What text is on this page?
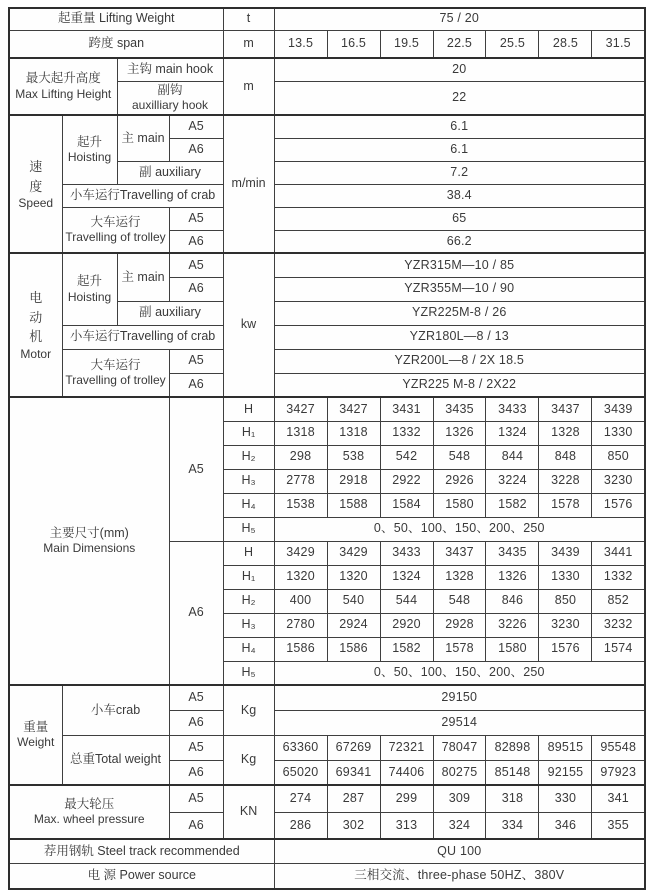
起重量 Lifting Weight				t	75 / 20						
跨度 span				m	13.5	16.5	19.5	22.5	25.5	28.5	31.5

最大起升高度
Max Lifting Height		主钩 main hook		m	20						

		副钩
auxilliary hook			22						

速度
Speed

起升
Hoisting
	主 main	A5	m/min	6.1
			A6		6.1						
		副 auxiliary			7.2						
	小车运行Travelling of crab				38.4						

	大车运行
Travelling of trolley		A5		65						
			A6		66.2						

电动机
Motor

起升
Hoisting
	主 main	A5	kw	YZR315M—10 / 85
			A6		YZR355M—10 / 90						
		副 auxiliary			YZR225M-8 / 26						
	小车运行Travelling of crab				YZR180L—8 / 13						

	大车运行
Travelling of trolley		A5		YZR200L—8 / 2X 18.5						
			A6		YZR225 M-8 / 2X22						

主要尺寸(mm)
Main Dimensions			A5	H	3427	3427	3431	3435	3433	3437	3439
				H₁	1318	1318	1332	1326	1324	1328	1330
				H₂	298	538	542	548	844	848	850
				H₃	2778	2918	2922	2926	3224	3228	3230
				H₄	1538	1588	1584	1580	1582	1578	1576
				H₅	0、50、100、150、200、250						
			A6	H	3429	3429	3433	3437	3435	3439	3441
				H₁	1320	1320	1324	1328	1326	1330	1332
				H₂	400	540	544	548	846	850	852
				H₃	2780	2924	2920	2928	3226	3230	3232
				H₄	1586	1586	1582	1578	1580	1576	1574
				H₅	0、50、100、150、200、250						

重量
Weight	小车crab		A5	Kg	29150						
			A6		29514						
	总重Total weight		A5	Kg	63360	67269	72321	78047	82898	89515	95548
			A6		65020	69341	74406	80275	85148	92155	97923

最大轮压
Max. wheel pressure			A5	KN	274	287	299	309	318	330	341
			A6		286	302	313	324	334	346	355
荐用钢轨 Steel track recommended					QU 100						
电 源 Power source					三相交流、three-phase 50HZ、380V						
